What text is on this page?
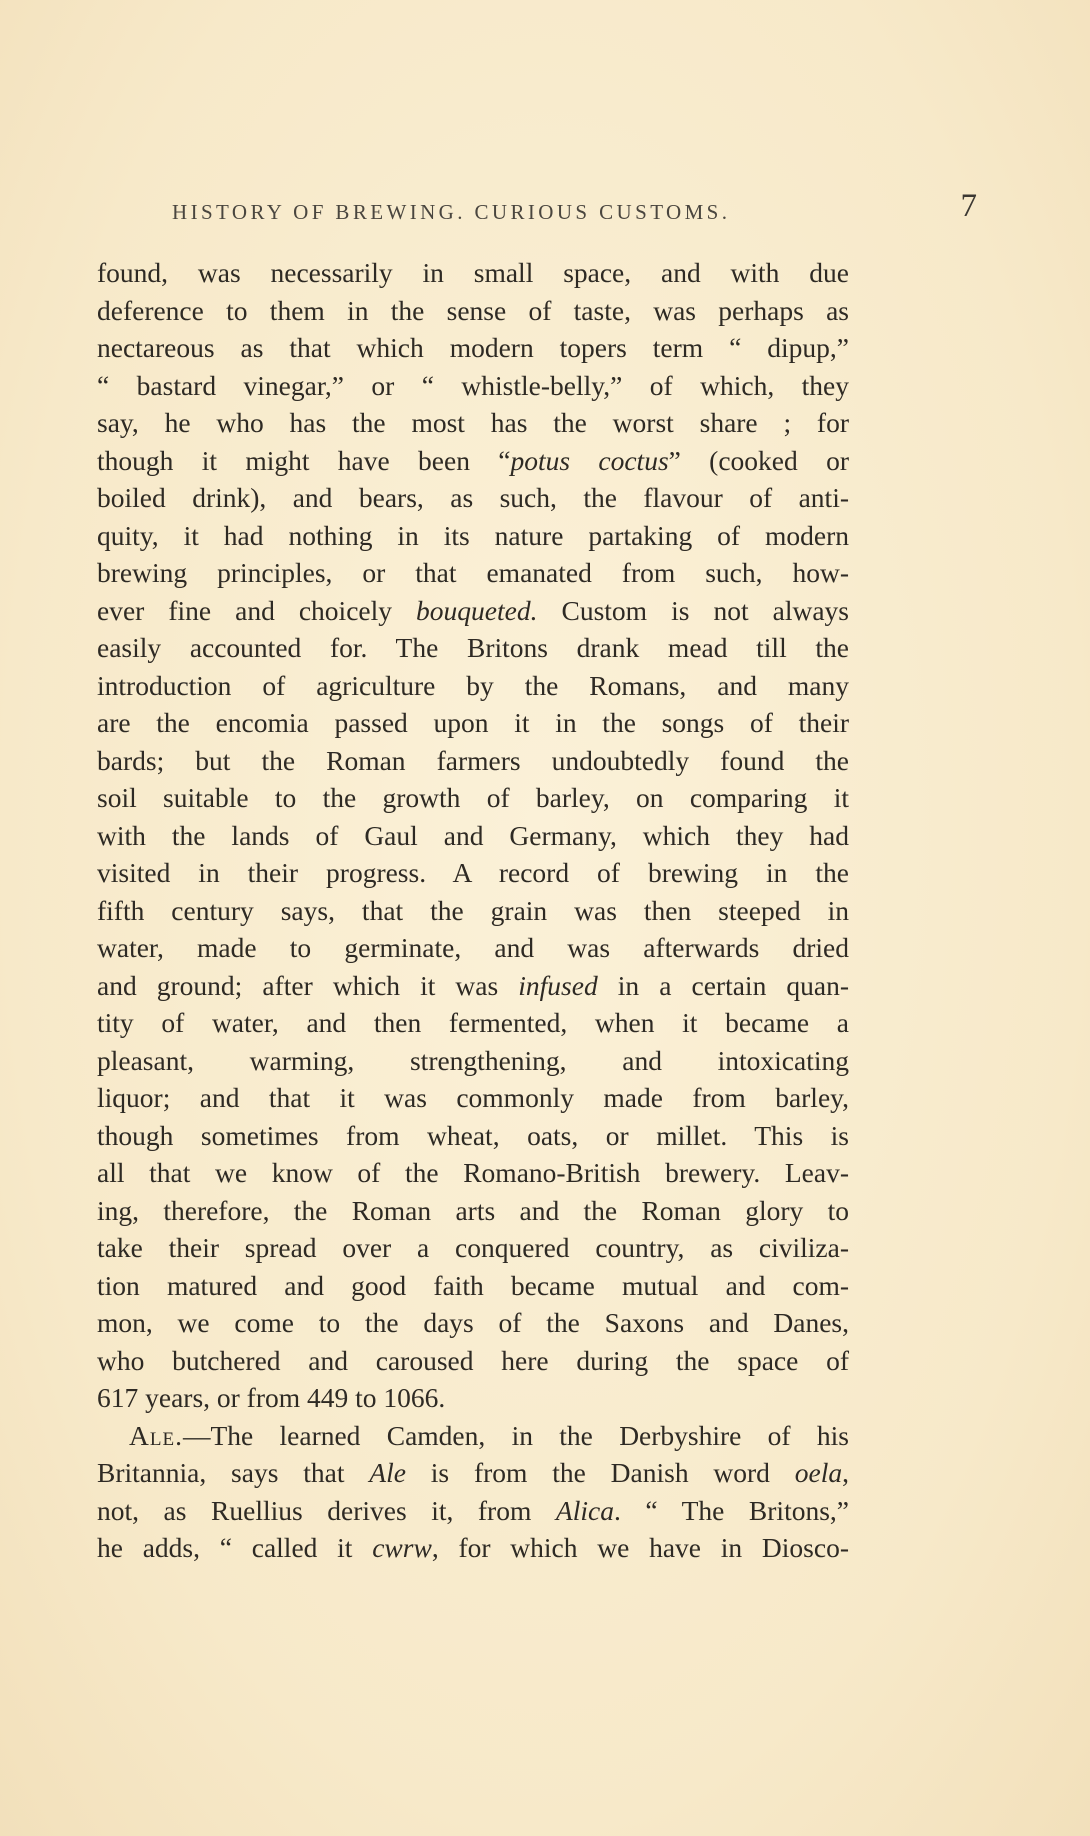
HISTORY OF BREWING. CURIOUS CUSTOMS.	7
found, was necessarily in small space, and with due
deference to them in the sense of taste, was perhaps as
nectareous as that which modern topers term “ dipup,”
“ bastard vinegar,” or “ whistle-belly,” of which, they
say, he who has the most has the worst share ; for
though it might have been “potus coctus” (cooked or
boiled drink), and bears, as such, the flavour of anti-
quity, it had nothing in its nature partaking of modern
brewing principles, or that emanated from such, how-
ever fine and choicely bouqueted. Custom is not always
easily accounted for. The Britons drank mead till the
introduction of agriculture by the Romans, and many
are the encomia passed upon it in the songs of their
bards; but the Roman farmers undoubtedly found the
soil suitable to the growth of barley, on comparing it
with the lands of Gaul and Germany, which they had
visited in their progress. A record of brewing in the
fifth century says, that the grain was then steeped in
water, made to germinate, and was afterwards dried
and ground; after which it was infused in a certain quan-
tity of water, and then fermented, when it became a
pleasant, warming, strengthening, and intoxicating
liquor; and that it was commonly made from barley,
though sometimes from wheat, oats, or millet. This is
all that we know of the Romano-British brewery. Leav-
ing, therefore, the Roman arts and the Roman glory to
take their spread over a conquered country, as civiliza-
tion matured and good faith became mutual and com-
mon, we come to the days of the Saxons and Danes,
who butchered and caroused here during the space of
617 years, or from 449 to 1066.
Ale.—The learned Camden, in the Derbyshire of his
Britannia, says that Ale is from the Danish word oela,
not, as Ruellius derives it, from Alica. “ The Britons,”
he adds, “ called it cwrw, for which we have in Diosco-
